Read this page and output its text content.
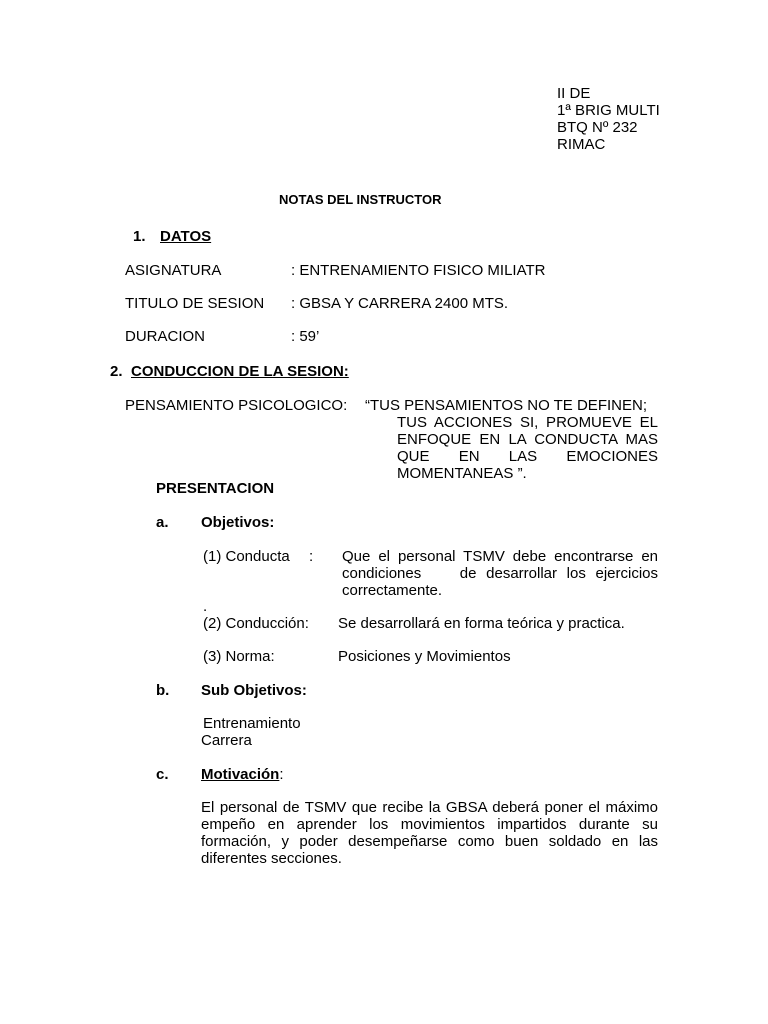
II DE
1ª BRIG MULTI
BTQ Nº 232
RIMAC
NOTAS DEL INSTRUCTOR
1. DATOS
ASIGNATURA	: ENTRENAMIENTO FISICO MILIATR
TITULO DE SESION : GBSA Y CARRERA 2400 MTS.
DURACION	: 59’
2. CONDUCCION DE LA SESION:
PENSAMIENTO PSICOLOGICO: “TUS PENSAMIENTOS NO TE DEFINEN;
TUS ACCIONES SI, PROMUEVE EL ENFOQUE EN LA CONDUCTA MAS QUE EN LAS EMOCIONES MOMENTANEAS ”.
PRESENTACION
a. Objetivos:
(1) Conducta : Que el personal TSMV debe encontrarse en condiciones    de desarrollar los ejercicios correctamente.
.
(2) Conducción: Se desarrollará en forma teórica y practica.
(3) Norma:	Posiciones y Movimientos
b. Sub Objetivos:
Entrenamiento
Carrera
c. Motivación:
El personal de TSMV que recibe la GBSA deberá poner el máximo empeño en aprender los movimientos impartidos durante su formación, y poder desempeñarse como buen soldado en las diferentes secciones.
